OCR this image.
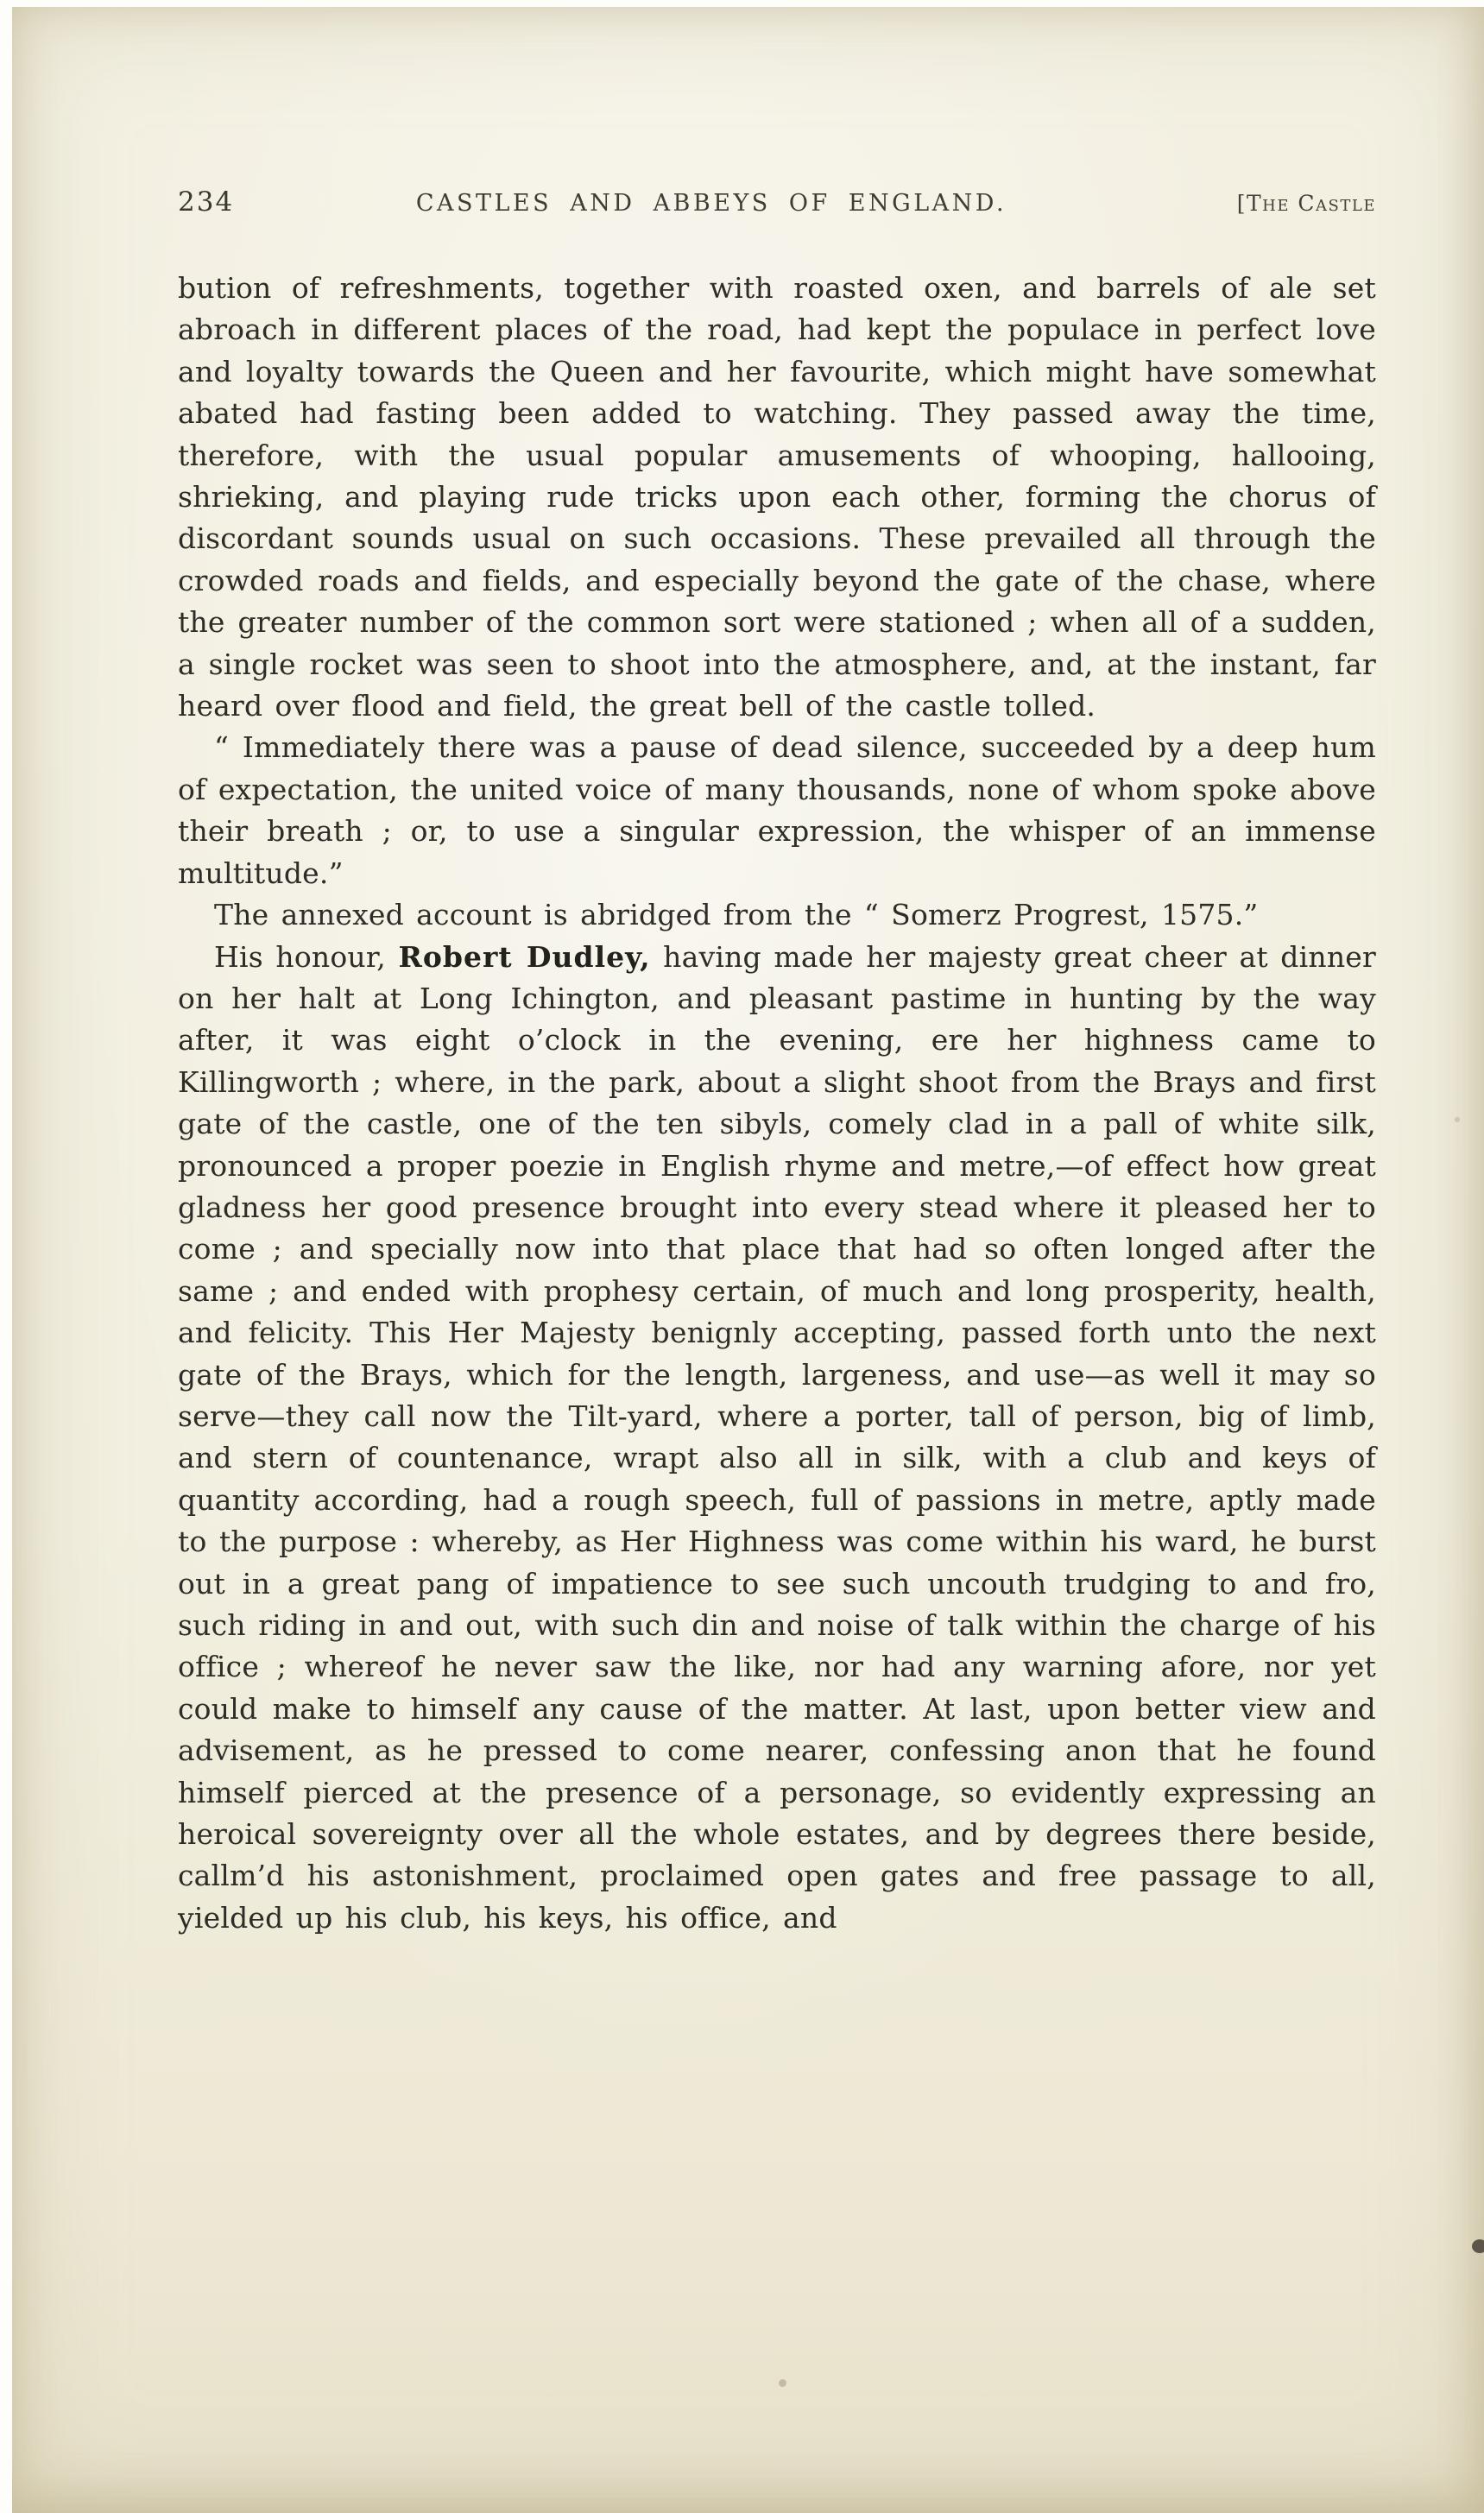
234	CASTLES AND ABBEYS OF ENGLAND.	[The Castle

bution of refreshments, together with roasted oxen, and barrels of ale set abroach in different places of the road, had kept the populace in perfect love and loyalty towards the Queen and her favourite, which might have somewhat abated had fasting been added to watching. They passed away the time, therefore, with the usual popular amusements of whooping, hallooing, shrieking, and playing rude tricks upon each other, forming the chorus of discordant sounds usual on such occasions. These prevailed all through the crowded roads and fields, and especially beyond the gate of the chase, where the greater number of the common sort were stationed ; when all of a sudden, a single rocket was seen to shoot into the atmosphere, and, at the instant, far heard over flood and field, the great bell of the castle tolled.

“ Immediately there was a pause of dead silence, succeeded by a deep hum of expectation, the united voice of many thousands, none of whom spoke above their breath ; or, to use a singular expression, the whisper of an immense multitude.”

The annexed account is abridged from the “ Somerz Progrest, 1575.”

His honour, Robert Dudley, having made her majesty great cheer at dinner on her halt at Long Ichington, and pleasant pastime in hunting by the way after, it was eight o’clock in the evening, ere her highness came to Killingworth ; where, in the park, about a slight shoot from the Brays and first gate of the castle, one of the ten sibyls, comely clad in a pall of white silk, pronounced a proper poezie in English rhyme and metre,—of effect how great gladness her good presence brought into every stead where it pleased her to come ; and specially now into that place that had so often longed after the same ; and ended with prophesy certain, of much and long prosperity, health, and felicity. This Her Majesty benignly accepting, passed forth unto the next gate of the Brays, which for the length, largeness, and use—as well it may so serve—they call now the Tilt-yard, where a porter, tall of person, big of limb, and stern of countenance, wrapt also all in silk, with a club and keys of quantity according, had a rough speech, full of passions in metre, aptly made to the purpose : whereby, as Her Highness was come within his ward, he burst out in a great pang of impatience to see such uncouth trudging to and fro, such riding in and out, with such din and noise of talk within the charge of his office ; whereof he never saw the like, nor had any warning afore, nor yet could make to himself any cause of the matter. At last, upon better view and advisement, as he pressed to come nearer, confessing anon that he found himself pierced at the presence of a personage, so evidently expressing an heroical sovereignty over all the whole estates, and by degrees there beside, callm’d his astonishment, proclaimed open gates and free passage to all, yielded up his club, his keys, his office, and
